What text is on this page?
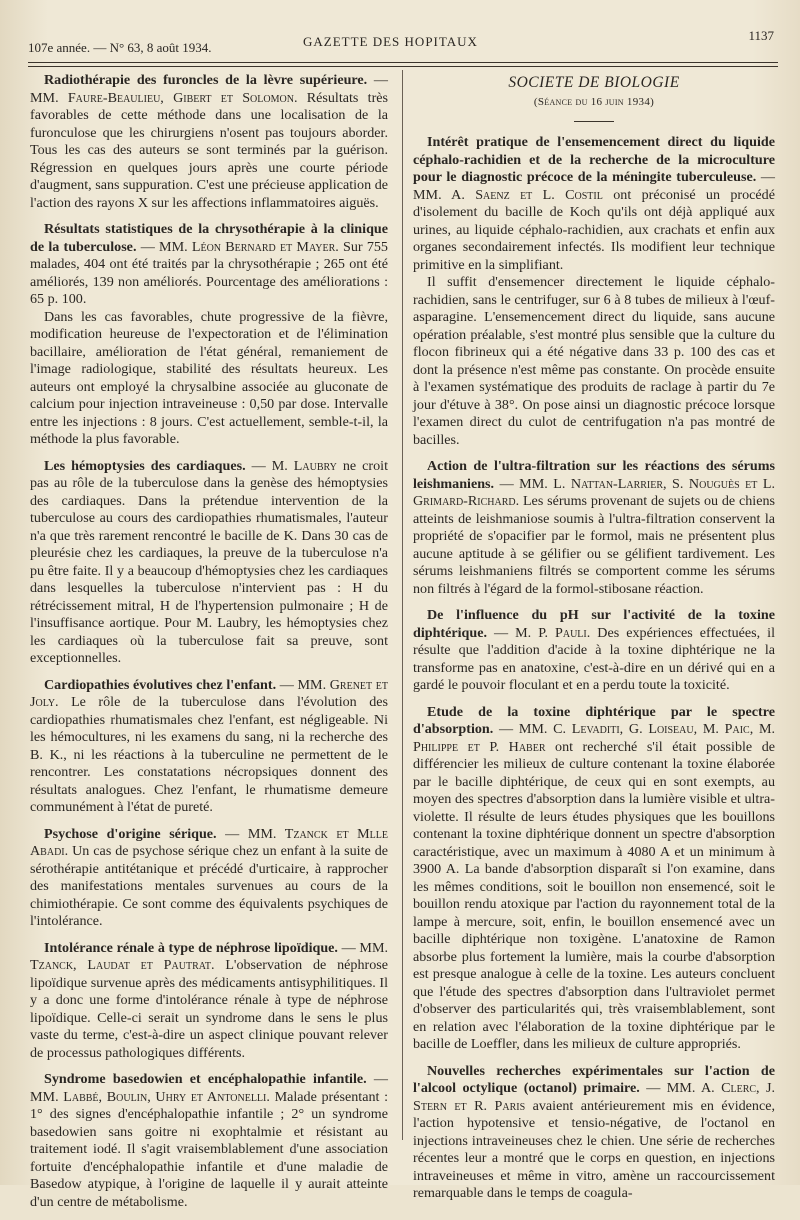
107e année. — N° 63, 8 août 1934.	GAZETTE DES HOPITAUX	1137

Radiothérapie des furoncles de la lèvre supérieure. — MM. Faure-Beaulieu, Gibert et Solomon. Résultats très favorables de cette méthode dans une localisation de la furonculose que les chirurgiens n'osent pas toujours aborder. Tous les cas des auteurs se sont terminés par la guérison. Régression en quelques jours après une courte période d'augment, sans suppuration. C'est une précieuse application de l'action des rayons X sur les affections inflammatoires aiguës.

Résultats statistiques de la chrysothérapie à la clinique de la tuberculose. — MM. Léon Bernard et Mayer. Sur 755 malades, 404 ont été traités par la chrysothérapie ; 265 ont été améliorés, 139 non améliorés. Pourcentage des améliorations : 65 p. 100.

Dans les cas favorables, chute progressive de la fièvre, modification heureuse de l'expectoration et de l'élimination bacillaire, amélioration de l'état général, remaniement de l'image radiologique, stabilité des résultats heureux. Les auteurs ont employé la chrysalbine associée au gluconate de calcium pour injection intraveineuse : 0,50 par dose. Intervalle entre les injections : 8 jours. C'est actuellement, semble-t-il, la méthode la plus favorable.

Les hémoptysies des cardiaques. — M. Laubry ne croit pas au rôle de la tuberculose dans la genèse des hémoptysies des cardiaques. Dans la prétendue intervention de la tuberculose au cours des cardiopathies rhumatismales, l'auteur n'a que très rarement rencontré le bacille de K. Dans 30 cas de pleurésie chez les cardiaques, la preuve de la tuberculose n'a pu être faite. Il y a beaucoup d'hémoptysies chez les cardiaques dans lesquelles la tuberculose n'intervient pas : H du rétrécissement mitral, H de l'hypertension pulmonaire ; H de l'insuffisance aortique. Pour M. Laubry, les hémoptysies chez les cardiaques où la tuberculose fait sa preuve, sont exceptionnelles.

Cardiopathies évolutives chez l'enfant. — MM. Grenet et Joly. Le rôle de la tuberculose dans l'évolution des cardiopathies rhumatismales chez l'enfant, est négligeable. Ni les hémocultures, ni les examens du sang, ni la recherche des B. K., ni les réactions à la tuberculine ne permettent de le rencontrer. Les constatations nécropsiques donnent des résultats analogues. Chez l'enfant, le rhumatisme demeure communément à l'état de pureté.

Psychose d'origine sérique. — MM. Tzanck et Mlle Abadi. Un cas de psychose sérique chez un enfant à la suite de sérothérapie antitétanique et précédé d'urticaire, à rapprocher des manifestations mentales survenues au cours de la chimiothérapie. Ce sont comme des équivalents psychiques de l'intolérance.

Intolérance rénale à type de néphrose lipoïdique. — MM. Tzanck, Laudat et Pautrat. L'observation de néphrose lipoïdique survenue après des médicaments antisyphilitiques. Il y a donc une forme d'intolérance rénale à type de néphrose lipoïdique. Celle-ci serait un syndrome dans le sens le plus vaste du terme, c'est-à-dire un aspect clinique pouvant relever de processus pathologiques différents.

Syndrome basedowien et encéphalopathie infantile. — MM. Labbé, Boulin, Uhry et Antonelli. Malade présentant : 1° des signes d'encéphalopathie infantile ; 2° un syndrome basedowien sans goitre ni exophtalmie et résistant au traitement iodé. Il s'agit vraisemblablement d'une association fortuite d'encéphalopathie infantile et d'une maladie de Basedow atypique, à l'origine de laquelle il y aurait atteinte d'un centre de métabolisme.

SOCIETE DE BIOLOGIE
(Séance du 16 juin 1934)

Intérêt pratique de l'ensemencement direct du liquide céphalo-rachidien et de la recherche de la microculture pour le diagnostic précoce de la méningite tuberculeuse. — MM. A. Saenz et L. Costil ont préconisé un procédé d'isolement du bacille de Koch qu'ils ont déjà appliqué aux urines, au liquide céphalo-rachidien, aux crachats et enfin aux organes secondairement infectés. Ils modifient leur technique primitive en la simplifiant.

Il suffit d'ensemencer directement le liquide céphalo-rachidien, sans le centrifuger, sur 6 à 8 tubes de milieux à l'œuf-asparagine. L'ensemencement direct du liquide, sans aucune opération préalable, s'est montré plus sensible que la culture du flocon fibrineux qui a été négative dans 33 p. 100 des cas et dont la présence n'est même pas constante. On procède ensuite à l'examen systématique des produits de raclage à partir du 7e jour d'étuve à 38°. On pose ainsi un diagnostic précoce lorsque l'examen direct du culot de centrifugation n'a pas montré de bacilles.

Action de l'ultra-filtration sur les réactions des sérums leishmaniens. — MM. L. Nattan-Larrier, S. Nouguès et L. Grimard-Richard. Les sérums provenant de sujets ou de chiens atteints de leishmaniose soumis à l'ultra-filtration conservent la propriété de s'opacifier par le formol, mais ne présentent plus aucune aptitude à se gélifier ou se gélifient tardivement. Les sérums leishmaniens filtrés se comportent comme les sérums non filtrés à l'égard de la formol-stibosane réaction.

De l'influence du pH sur l'activité de la toxine diphtérique. — M. P. Pauli. Des expériences effectuées, il résulte que l'addition d'acide à la toxine diphtérique ne la transforme pas en anatoxine, c'est-à-dire en un dérivé qui en a gardé le pouvoir floculant et en a perdu toute la toxicité.

Etude de la toxine diphtérique par le spectre d'absorption. — MM. C. Levaditi, G. Loiseau, M. Paic, M. Philippe et P. Haber ont recherché s'il était possible de différencier les milieux de culture contenant la toxine élaborée par le bacille diphtérique, de ceux qui en sont exempts, au moyen des spectres d'absorption dans la lumière visible et ultra-violette. Il résulte de leurs études physiques que les bouillons contenant la toxine diphtérique donnent un spectre d'absorption caractéristique, avec un maximum à 4080 A et un minimum à 3900 A. La bande d'absorption disparaît si l'on examine, dans les mêmes conditions, soit le bouillon non ensemencé, soit le bouillon rendu atoxique par l'action du rayonnement total de la lampe à mercure, soit, enfin, le bouillon ensemencé avec un bacille diphtérique non toxigène. L'anatoxine de Ramon absorbe plus fortement la lumière, mais la courbe d'absorption est presque analogue à celle de la toxine. Les auteurs concluent que l'étude des spectres d'absorption dans l'ultraviolet permet d'observer des particularités qui, très vraisemblablement, sont en relation avec l'élaboration de la toxine diphtérique par le bacille de Loeffler, dans les milieux de culture appropriés.

Nouvelles recherches expérimentales sur l'action de l'alcool octylique (octanol) primaire. — MM. A. Clerc, J. Stern et R. Paris avaient antérieurement mis en évidence, l'action hypotensive et tensio-négative, de l'octanol en injections intraveineuses chez le chien. Une série de recherches récentes leur a montré que le corps en question, en injections intraveineuses et même in vitro, amène un raccourcissement remarquable dans le temps de coagula-
